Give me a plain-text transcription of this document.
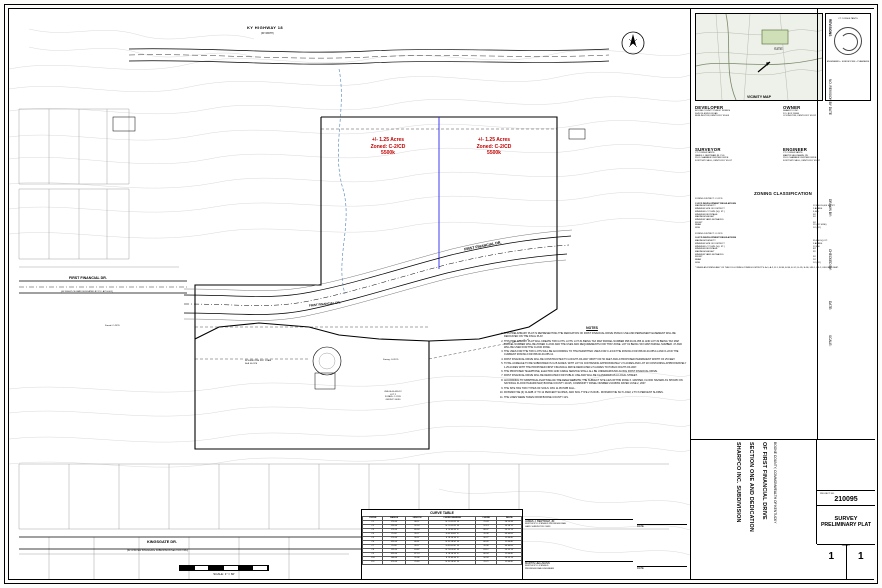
+/- 1.25 Acres
Zoned: C-2/CD
5500k
+/- 1.25 Acres
Zoned: C-2/CD
5500k
KY HIGHWAY 18
(60' WIDTH)
FIRST FINANCIAL DR.
FIRST FINANCIAL DR.
(60' RIGHT-OF-WAY DEDICATED BY P.C. A PG 601)
FIRST FINANCIAL DR.
KINGSGATE DR.
(60' R/W PER KINGSGATE SUBDIVISION SECTION TWO)
ROSSMOYNE SILT LOAM
RuB SLOPE
Zoning: O-2/CD
Zoned: C-2/CD
058.00-00-055.12
LOT 2
ZONED: C-2/CD
GROUP #0030
SCALE: 1" = 60'
CURVE TABLE
CURVE	RADIUS	LENGTH	CHORD BEARING	CHORD	DELTA
C1	175.00'	80.11'	N 71°41'43" W	79.43'	26°13'46"
C2	225.00'	52.24'	N 71°41'43" W	52.13'	13°18'12"
C3	175.00'	89.34'	S 73°03'44" E	88.37'	29°15'13"
C4	25.00'	39.27'	N 45°00'00" E	35.36'	90°00'00"
C5	275.00'	56.37'	S 78°18'34" E	56.27'	11°44'40"
C6	325.00'	66.61'	N 78°18'34" W	66.49'	11°44'40"
C7	25.00'	39.27'	S 45°00'00" W	35.36'	90°00'00"
C8	125.00'	63.82'	N 73°03'44" W	63.12'	29°15'13"
C9	425.00'	87.10'	S 78°18'34" E	86.94'	11°44'40"
C10	100.00'	51.06'	S 73°03'44" E	50.50'	29°15'13"
C11	375.00'	76.85'	N 78°18'34" W	76.71'	11°44'40"
NOTES
1. THIS PRELIMINARY PLAT IS REPRESENTING THE DEDICATION OF FIRST FINANCIAL DRIVE PUBLIC USE AND PERMANENT EASEMENT WILL BE DEDICATED ON THE FINAL PLAT.
2. THIS PRELIMINARY PLAT WILL CREATE TWO LOTS. LOTS: LOT #1 BEING TAX MAP PARCEL NUMBER 058.00-00-055.11 AND LOT #2 BEING TAX MAP PARCEL NUMBER WILL BE ZONED C-2/CD AND THE USES AND REQUIREMENTS FOR THAT ZONE. LOT #1 BEING TAX MAP PARCEL NUMBER .47 AND WILL BE USED FOR THE O-2/CD ZONE.
3. THE USES FOR THE TWO LOTS WILL BE ACCORDING TO THE PERMITTED USES FOR C-2/CD THE ZONING FOR 058.00-00-055.11 AND O-2/CD THE CURRENT ZONING FOR 058.00-00-055.12.
4. FIRST FINANCIAL DRIVE WILL BE CONSTRUCTED TO A RIGHT-OF-WAY WIDTH OF 50 FEET AND A PROPOSED PERMANENT WIDTH OF 25 FEET.
5. TOTAL ACREAGE TO BE SUBDIVIDED IS 6.25 ACRES. WITH LOT #1 CONTAINING APPROXIMATELY 2.5 ACRES AND LOT #2 CONTAINING APPROXIMATELY 1.25 ACRES WITH THE PROPOSED FIRST FINANCIAL DRIVE DEDICATED 2.5 ACRES TO PUBLIC RIGHT-OF-WAY.
6. THE PROPOSED TELEPHONE, ELECTRIC AND CABLE SERVICE SHALL ALL BE UNDERGROUND ALONG FIRST FINANCIAL DRIVE.
7. FIRST FINANCIAL DRIVE WILL BE DEDICATED FOR PUBLIC USE AND WILL BE CLASSIFIED AS A LOCAL STREET.
8. ACCORDING TO GRAPHICAL PLOTTING OF THE FEMA WEBSITE, THE SUBJECT SITE LIES WITHIN ZONE X. MAPPED, FLOOD HAZARD AS SHOWN ON NATIONAL FLOOD HAZARD MAP, BOONE COUNTY 21015, COMMUNITY PANEL NUMBER 21015051 DATED JUNE 2, 2007.
9. THE SITE HAS TWO TYPES OF SOILS: 93% 11.95 PWB FALL.
10. ROSSMOYNE (6) CLAMB 'A' TO 12 PERCENT SLOPES, AND SOIL TYPE 2 IS RUB - ROSSMOYNE SILT LOAM, 2 TO 6 PERCENT SLOPES.
11. THE LINES WERE TAKEN FROM BOONE COUNTY GIS.
JAMES J. BERTRAM, JR.
KENTUCKY LICENSED PROFESSIONAL
LAND SURVEYOR #3453	DATE
MARTIN HELLMANN
KENTUCKY LICENSED
PROFESSIONAL ENGINEER	DATE
SITE
VICINITY MAP
CT CONSULTANTS
ENGINEERS • SURVEYORS • PLANNERS
DEVELOPER
BOONE COUNTY PUBLIC WORKS
5645 IDLEWILD ROAD
BURLINGTON, KENTUCKY 41005
OWNER
SHARPCO INC.
P.O. BOX 18086
COVINGTON, KENTUCKY 41012
SURVEYOR
CT CONSULTANTS
JAMES J. BERTRAM JR. PLS
2161 CHAMBER CENTER DRIVE
FORT MITCHELL, KENTUCKY 41017
ENGINEER
CT CONSULTANTS
MARTIN HELLMANN, PE
2161 CHAMBER CENTER DRIVE
FORT MITCHELL, KENTUCKY 41017
ZONING CLASSIFICATION
ZONING DISTRICT: C-2/CD
C-2/CD DEVELOPMENT REGULATIONS
MAXIMUM DENSITY	12,000-15,000 SQ. FT.
MINIMUM SIZE OF DISTRICT	2 ACRES
MINIMUM LOT SIZE (SQ. FT.)	5,000
MINIMUM FRONTAGE	50'
MAXIMUM HEIGHT	50'
MINIMUM YARD SETBACKS
FRONT	30'
REAR	25' (20' SIDE)
SIDE	10' (20')
ZONING DISTRICT: O-2/CD
O-2/CD DEVELOPMENT REGULATIONS
MAXIMUM DENSITY	35,000 SQ. FT.
MINIMUM SIZE OF DISTRICT	3 ACRES
MINIMUM LOT SIZE (SQ. FT.)	12,000
MINIMUM FRONTAGE	80'
MAXIMUM HEIGHT	35'
MINIMUM YARD SETBACKS
FRONT	30'
REAR	20'
SIDE	10' (20')
* WHEN ADJOINING ANY OF THE FOLLOWING ZONING DISTRICTS: A-1, A-2, R-1, R-1B, E-1B, E-1C, E-1D, E-1E, UR-1, UR-2, UR-3 AND MHP.
REVISIONS
NO. REVISION BY DATE
DRAWN BY:
CHECKED BY:
DATE:
SCALE:
SHARPCO INC. SUBDIVISION SECTION ONE AND DEDICATION OF FIRST FINANCIAL DRIVE BOONE COUNTY, COMMONWEALTH OF KENTUCKY	PROJECT NO.
210095
SURVEY
PRELIMINARY PLAT
1	1
SHEET
